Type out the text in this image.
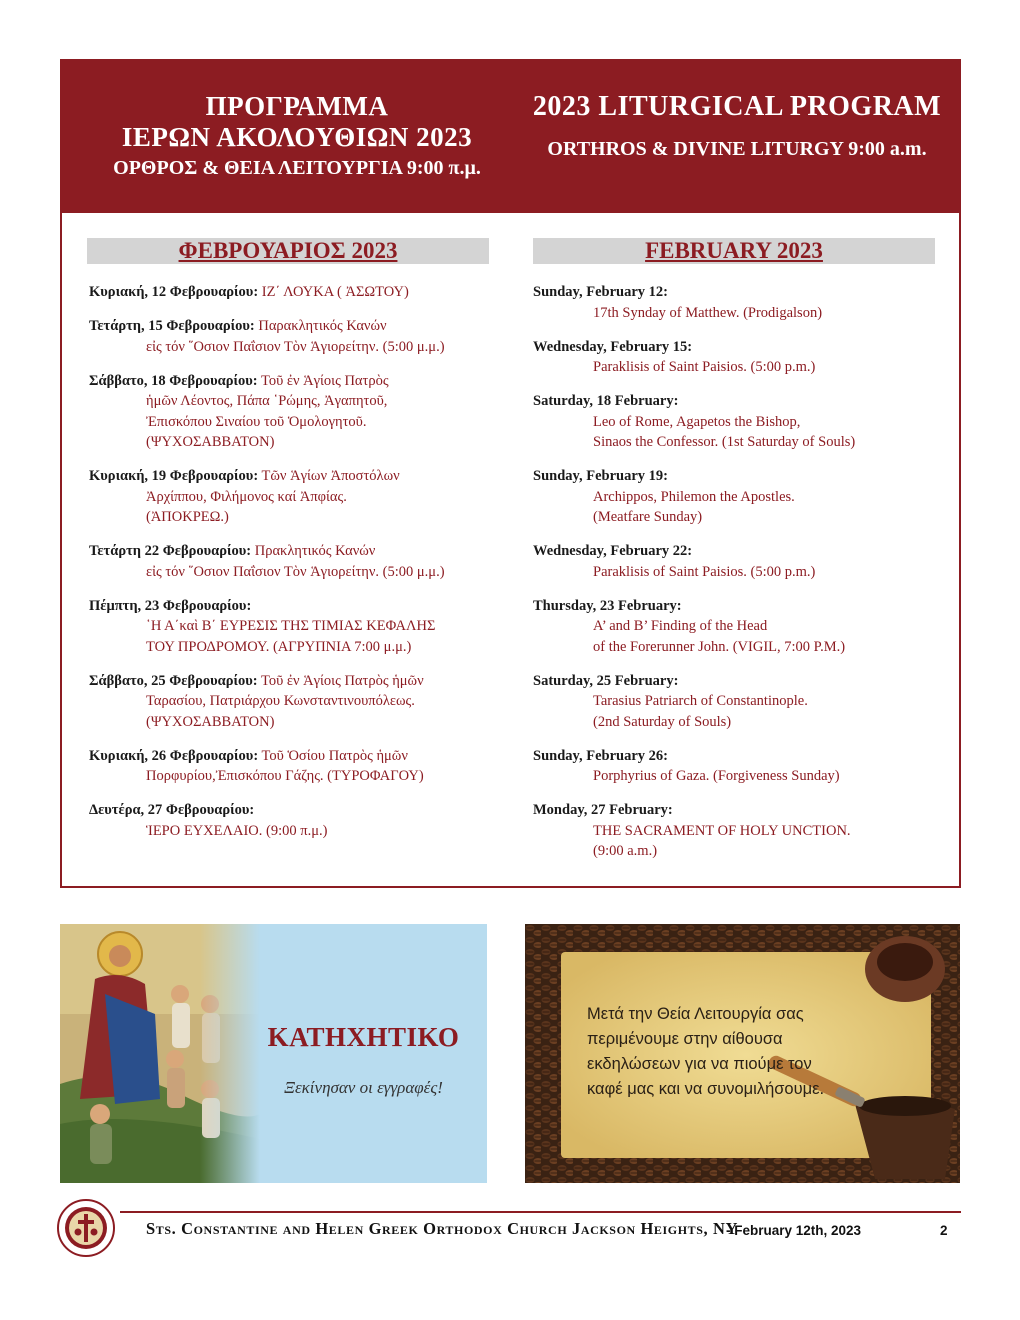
ΠΡΟΓΡΑΜΜΑ
ΙΕΡΩΝ ΑΚΟΛΟΥΘΙΩΝ 2023
ΟΡΘΡΟΣ & ΘΕΙΑ ΛΕΙΤΟΥΡΓΙΑ 9:00 π.μ.
2023 LITURGICAL PROGRAM
ORTHROS & DIVINE LITURGY 9:00 a.m.
ΦΕΒΡΟΥΑΡΙΟΣ 2023	FEBRUARY 2023
Κυριακή, 12 Φεβρουαρίου: ΙΖ΄ ΛΟΥΚΑ ( ἈΣΩΤΟΥ)
Τετάρτη, 15 Φεβρουαρίου: Παρακλητικός Κανών
εἰς τόν ῞Οσιον Παΐσιον Τὸν Ἁγιορείτην. (5:00 μ.μ.)
Σάββατο, 18 Φεβρουαρίου: Τοῦ ἐν Ἁγίοις Πατρὸς
ἡμῶν Λέοντος, Πάπα ῾Ρώμης, Ἀγαπητοῦ,
Ἐπισκόπου Σιναίου τοῦ Ὁμολογητοῦ.
(ΨΥΧΟΣΑΒΒΑΤΟΝ)
Κυριακή, 19 Φεβρουαρίου: Τῶν Ἁγίων Ἀποστόλων
Ἀρχίππου, Φιλήμονος καί Ἀπφίας.
(ἈΠΟΚΡΕΩ.)
Τετάρτη 22 Φεβρουαρίου: Πρακλητικός Κανών
εἰς τόν ῞Οσιον Παΐσιον Τὸν Ἁγιορείτην. (5:00 μ.μ.)
Πέμπτη, 23 Φεβρουαρίου:
῾Η Α΄καὶ Β΄ ΕΥΡΕΣΙΣ ΤΗΣ ΤΙΜΙΑΣ ΚΕΦΑΛΗΣ
ΤΟΥ ΠΡΟΔΡΟΜΟΥ. (ΑΓΡΥΠΝΙΑ 7:00 μ.μ.)
Σάββατο, 25 Φεβρουαρίου: Τοῦ ἐν Ἁγίοις Πατρὸς ἡμῶν
Ταρασίου, Πατριάρχου Κωνσταντινουπόλεως.
(ΨΥΧΟΣΑΒΒΑΤΟΝ)
Κυριακή, 26 Φεβρουαρίου: Τοῦ Ὁσίου Πατρὸς ἡμῶν
Πορφυρίου,Ἐπισκόπου Γάζης. (ΤΥΡΟΦΑΓΟΥ)
Δευτέρα, 27 Φεβρουαρίου:
ἹΕΡΟ ΕΥΧΕΛΑΙΟ. (9:00 π.μ.)
Sunday, February 12:
17th Synday of Matthew. (Prodigalson)
Wednesday, February 15:
Paraklisis of Saint Paisios. (5:00 p.m.)
Saturday, 18 February:
Leo of Rome, Agapetos the Bishop,
Sinaos the Confessor. (1st Saturday of Souls)
Sunday, February 19:
Archippos, Philemon the Apostles.
(Meatfare Sunday)
Wednesday, February 22:
Paraklisis of Saint Paisios. (5:00 p.m.)
Thursday, 23 February:
A’ and B’ Finding of the Head
of the Forerunner John. (VIGIL, 7:00 P.M.)
Saturday, 25 February:
Tarasius Patriarch of Constantinople.
(2nd Saturday of Souls)
Sunday, February 26:
Porphyrius of Gaza. (Forgiveness Sunday)
Monday, 27 February:
THE SACRAMENT OF HOLY UNCTION.
(9:00 a.m.)
ΚΑΤΗΧΗΤΙΚΟ
Ξεκίνησαν οι εγγραφές!
Μετά την Θεία Λειτουργία σας
περιμένουμε στην αίθουσα
εκδηλώσεων για να πιούμε τον
καφέ μας και να συνομιλήσουμε.
Sts. Constantine and Helen Greek Orthodox Church Jackson Heights, NY
- February 12th, 2023	2
